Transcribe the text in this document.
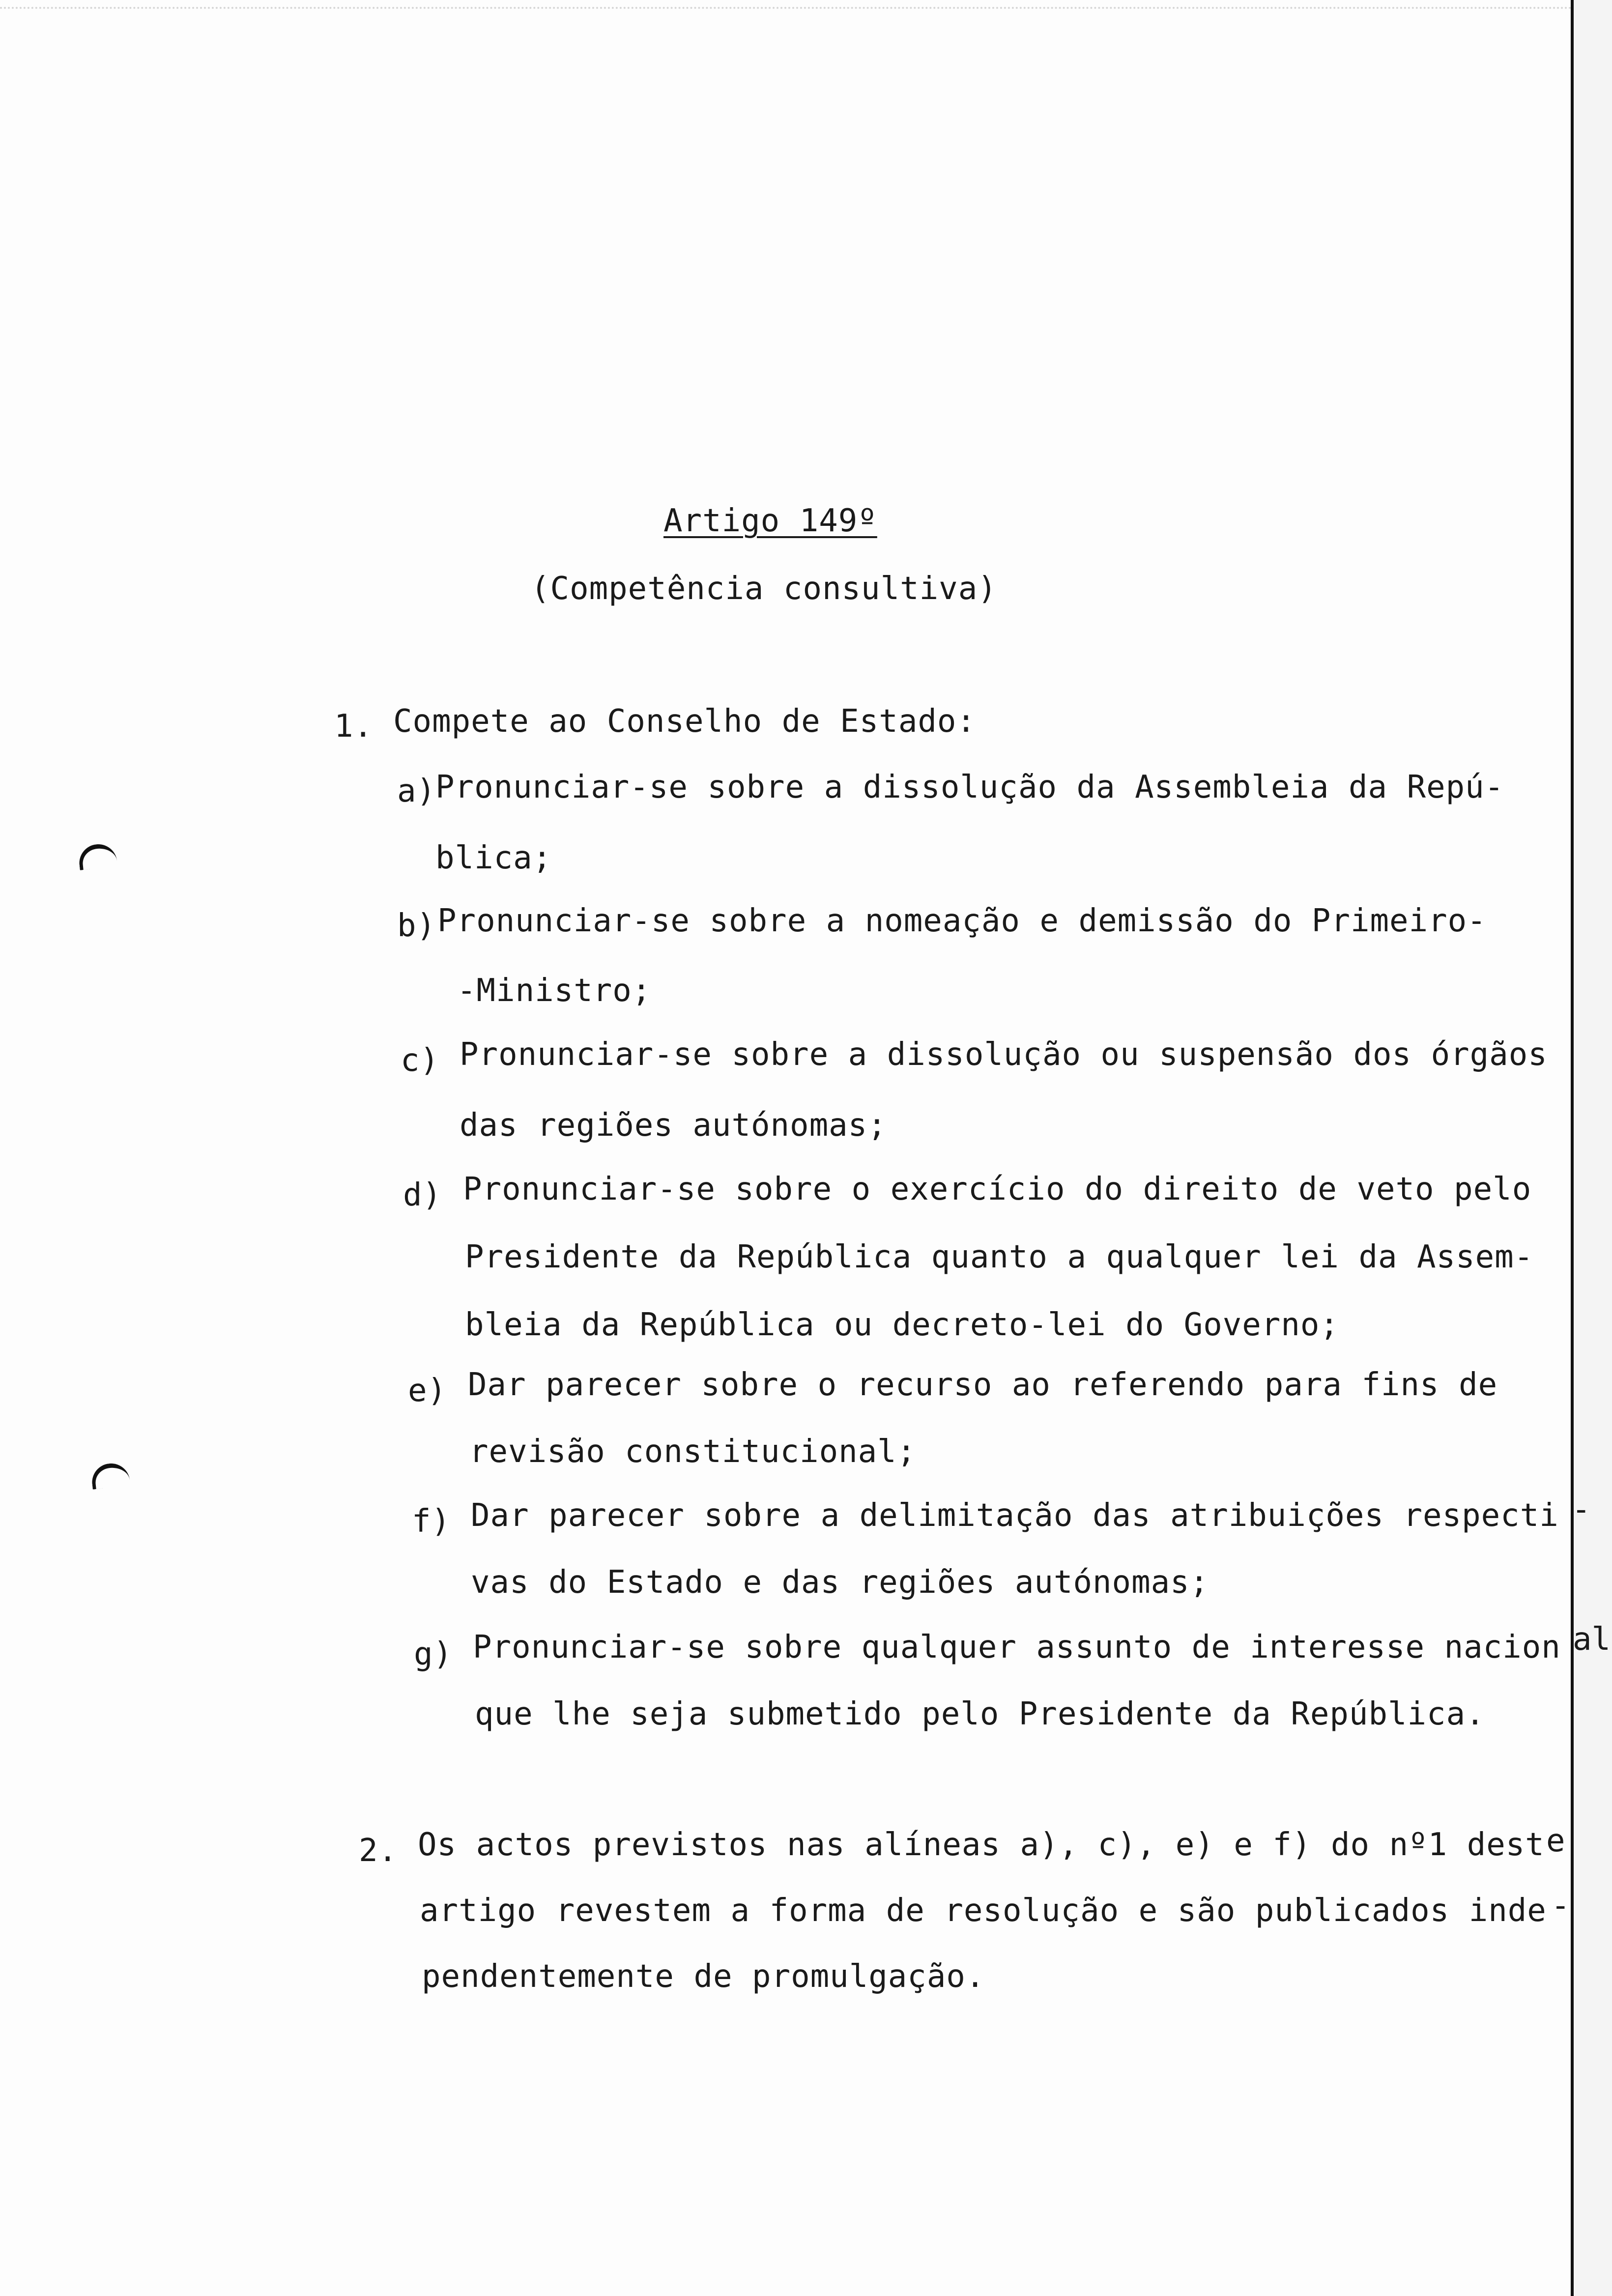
Artigo 149º
(Competência consultiva)
1. Compete ao Conselho de Estado:
a)
Pronunciar-se sobre a dissolução da Assembleia da Repú-
blica;
b) Pronunciar-se sobre a nomeação e demissão do Primeiro-
-Ministro;
c) Pronunciar-se sobre a dissolução ou suspensão dos órgãos
das regiões autónomas;
d) Pronunciar-se sobre o exercício do direito de veto pelo
Presidente da República quanto a qualquer lei da Assem-
bleia da República ou decreto-lei do Governo;
e) Dar parecer sobre o recurso ao referendo para fins de
revisão constitucional;
f) Dar parecer sobre a delimitação das atribuições respecti -
vas do Estado e das regiões autónomas;
g) Pronunciar-se sobre qualquer assunto de interesse nacion al
que lhe seja submetido pelo Presidente da República.
2. Os actos previstos nas alíneas a), c), e) e f) do nº1 dest e
artigo revestem a forma de resolução e são publicados inde -
pendentemente de promulgação.
